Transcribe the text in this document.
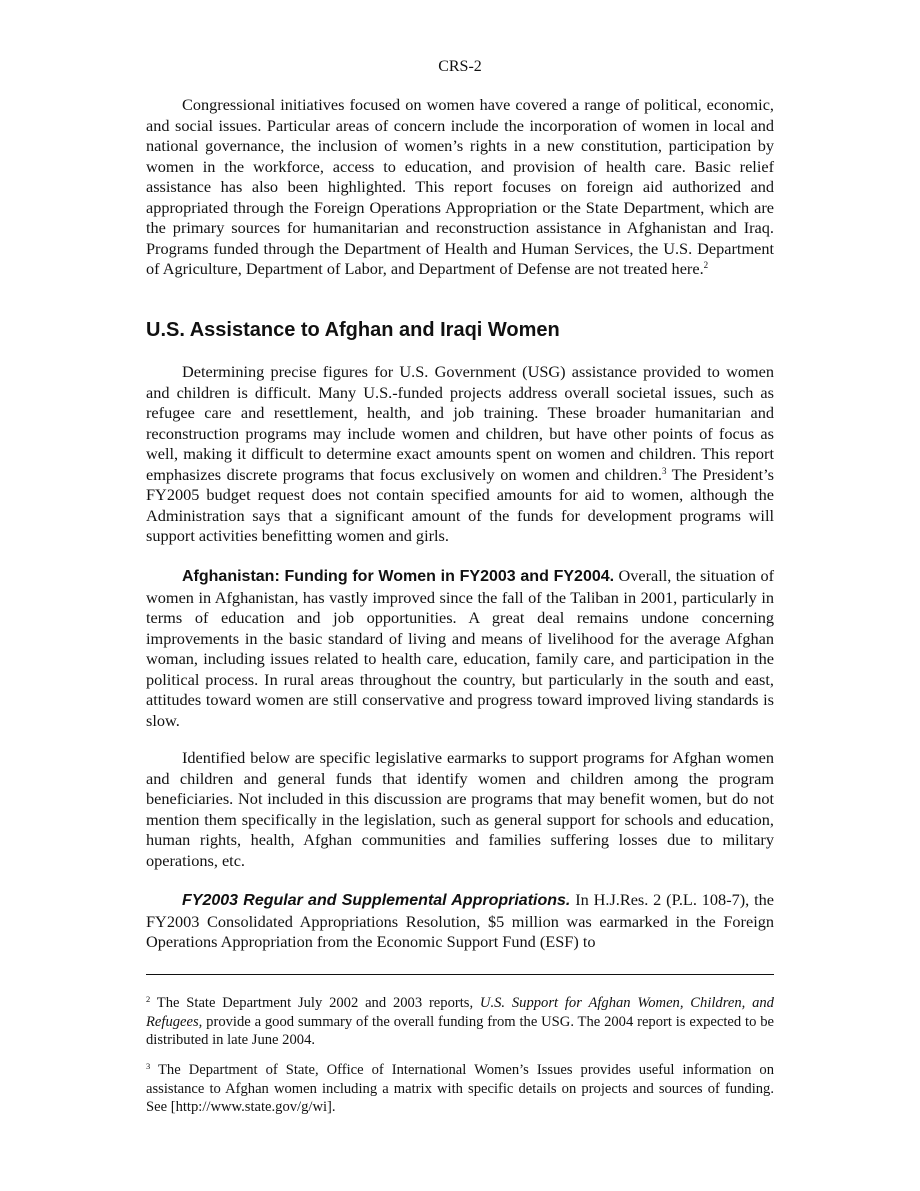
CRS-2

Congressional initiatives focused on women have covered a range of political, economic, and social issues. Particular areas of concern include the incorporation of women in local and national governance, the inclusion of women’s rights in a new constitution, participation by women in the workforce, access to education, and provision of health care. Basic relief assistance has also been highlighted. This report focuses on foreign aid authorized and appropriated through the Foreign Operations Appropriation or the State Department, which are the primary sources for humanitarian and reconstruction assistance in Afghanistan and Iraq. Programs funded through the Department of Health and Human Services, the U.S. Department of Agriculture, Department of Labor, and Department of Defense are not treated here.$^2$

U.S. Assistance to Afghan and Iraqi Women

Determining precise figures for U.S. Government (USG) assistance provided to women and children is difficult. Many U.S.-funded projects address overall societal issues, such as refugee care and resettlement, health, and job training. These broader humanitarian and reconstruction programs may include women and children, but have other points of focus as well, making it difficult to determine exact amounts spent on women and children. This report emphasizes discrete programs that focus exclusively on women and children.$^3$ The President’s FY2005 budget request does not contain specified amounts for aid to women, although the Administration says that a significant amount of the funds for development programs will support activities benefitting women and girls.

Afghanistan: Funding for Women in FY2003 and FY2004. Overall, the situation of women in Afghanistan, has vastly improved since the fall of the Taliban in 2001, particularly in terms of education and job opportunities. A great deal remains undone concerning improvements in the basic standard of living and means of livelihood for the average Afghan woman, including issues related to health care, education, family care, and participation in the political process. In rural areas throughout the country, but particularly in the south and east, attitudes toward women are still conservative and progress toward improved living standards is slow.

Identified below are specific legislative earmarks to support programs for Afghan women and children and general funds that identify women and children among the program beneficiaries. Not included in this discussion are programs that may benefit women, but do not mention them specifically in the legislation, such as general support for schools and education, human rights, health, Afghan communities and families suffering losses due to military operations, etc.

FY2003 Regular and Supplemental Appropriations. In H.J.Res. 2 (P.L. 108-7), the FY2003 Consolidated Appropriations Resolution, $5 million was earmarked in the Foreign Operations Appropriation from the Economic Support Fund (ESF) to

$^2$ The State Department July 2002 and 2003 reports, U.S. Support for Afghan Women, Children, and Refugees, provide a good summary of the overall funding from the USG. The 2004 report is expected to be distributed in late June 2004.

$^3$ The Department of State, Office of International Women’s Issues provides useful information on assistance to Afghan women including a matrix with specific details on projects and sources of funding. See [http://www.state.gov/g/wi].
